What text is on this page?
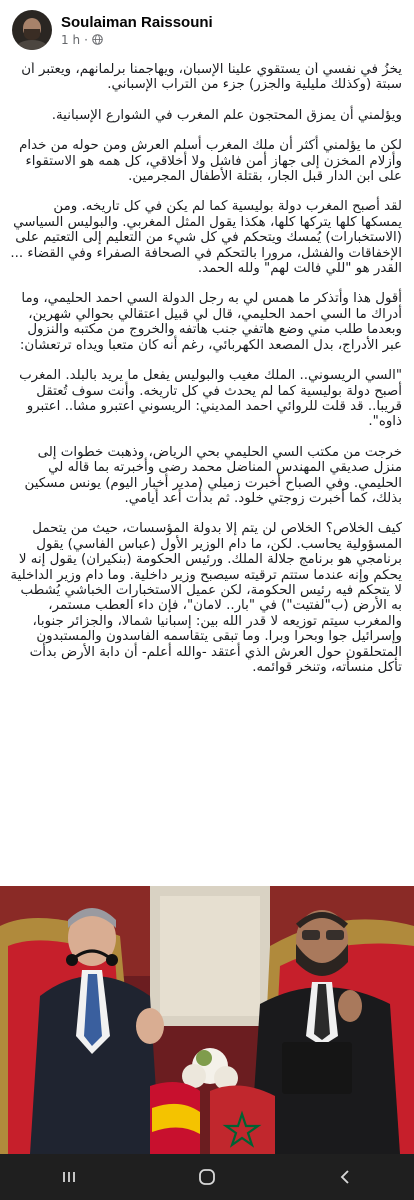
Soulaiman Raissouni
1 h ·

يخزُ في نفسي أن يستقوي علينا الإسبان، ويهاجمنا برلمانهم، ويعتبر أن سبتة (وكذلك مليلية والجزر) جزء من التراب الإسباني.

ويؤلمني أن يمزق المحتجون علم المغرب في الشوارع الإسبانية.

لكن ما يؤلمني أكثر أن ملك المغرب أسلم العرش ومن حوله من خدام وأزلام المخزن إلى جهاز أمن فاشل ولا أخلاقي، كل همه هو الاستقواء على ابن الدار قبل الجار، بقتلة الأطفال المجرمين.

لقد أصبح المغرب دولة بوليسية كما لم يكن في كل تاريخه. ومن يمسكها كلها يتركها كلها، هكذا يقول المثل المغربي. والبوليس السياسي (الاستخبارات) يُمسك ويتحكم في كل شيء من التعليم إلى التعتيم على الإخفاقات والفشل، مرورا بالتحكم في الصحافة الصفراء وفي القضاء ... القدر هو "للي فالت لهم" ولله الحمد.

أقول هذا وأتذكر ما همس لي به رجل الدولة السي احمد الحليمي، وما أدراك ما السي احمد الحليمي، قال لي قبيل اعتقالي بحوالي شهرين، وبعدما طلب مني وضع هاتفي جنب هاتفه والخروج من مكتبه والنزول عبر الأدراج، بدل المصعد الكهربائي، رغم أنه كان متعبا ويداه ترتعشان:

"السي الريسوني.. الملك مغيب والبوليس يفعل ما يريد بالبلد. المغرب أصبح دولة بوليسية كما لم يحدث في كل تاريخه. وأنت سوف تُعتقل قريبا.. قد قلت للروائي احمد المديني: الريسوني اعتبرو مشا.. اعتبرو ذاوه".

خرجت من مكتب السي الحليمي بحي الرياض، وذهبت خطوات إلى منزل صديقي المهندس المناضل محمد رضى وأخبرته بما قاله لي الحليمي. وفي الصباح أخبرت زميلي (مدير أخبار اليوم) يونس مسكين بذلك، كما أخبرت زوجتي خلود. ثم بدأت أعد أيامي.

كيف الخلاص؟ الخلاص لن يتم إلا بدولة المؤسسات، حيث من يتحمل المسؤولية يحاسب. لكن، ما دام الوزير الأول (عباس الفاسي) يقول برنامجي هو برنامج جلالة الملك. ورئيس الحكومة (بنكيران) يقول إنه لا يحكم وإنه عندما ستتم ترقيته سيصبح وزير داخلية. وما دام وزير الداخلية لا يتحكم فيه رئيس الحكومة، لكن عميل الاستخبارات الخباشي يُشطب به الأرض (ب"لفتيت") في "بار.. لامان"، فإن داء العطب مستمر، والمغرب سيتم توزيعه لا قدر الله بين: إسبانيا شمالا، والجزائر جنوبا، وإسرائيل جوا وبحرا وبرا. وما تبقى يتقاسمه الفاسدون والمستبدون المتحلقون حول العرش الذي أعتقد -والله أعلم- أن دابة الأرض بدأت تأكل منسأته، وتنخر قوائمه.
